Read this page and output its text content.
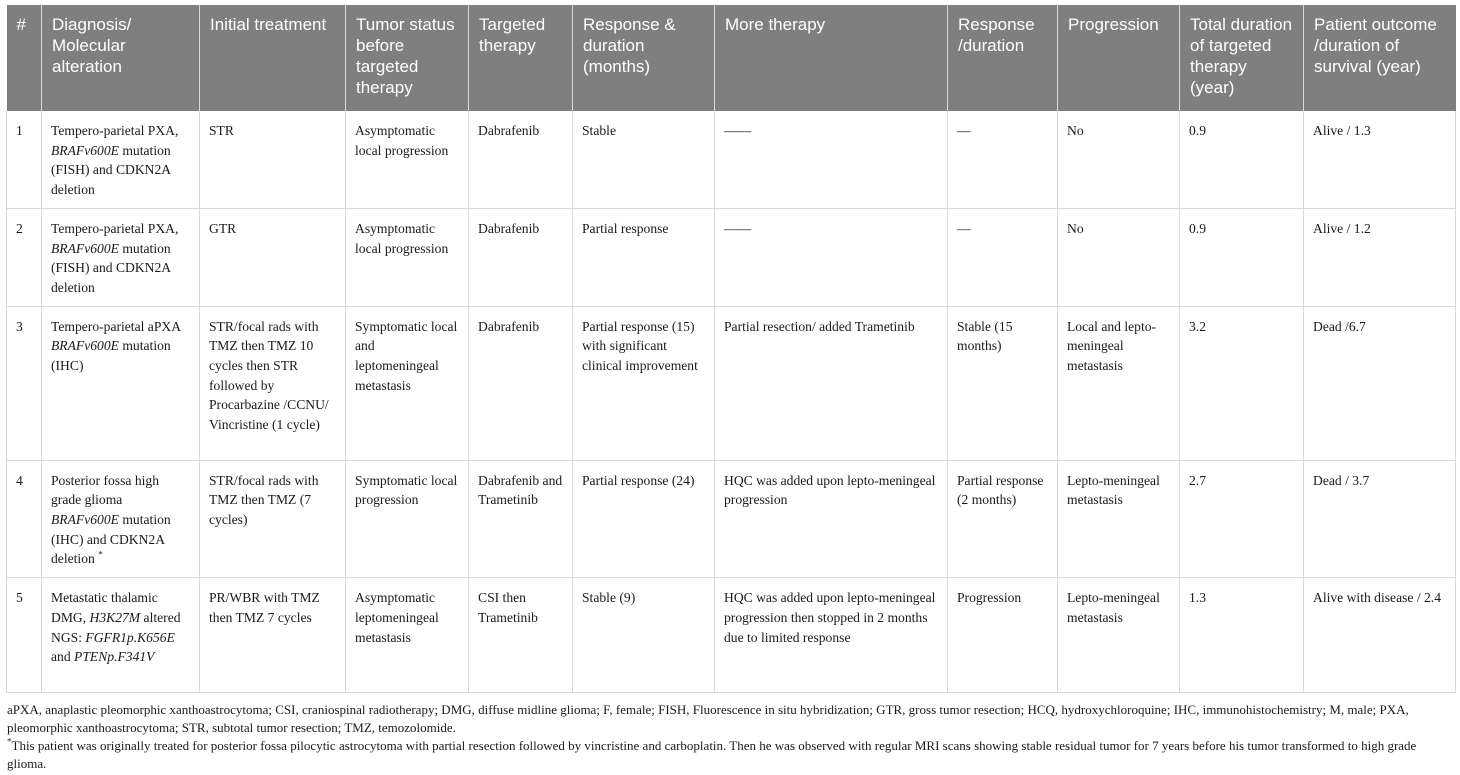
#	Diagnosis/ Molecular alteration	Initial treatment	Tumor status before targeted therapy	Targeted therapy	Response & duration (months)	More therapy	Response /duration	Progression	Total duration of targeted therapy (year)	Patient outcome /duration of survival (year)
1	Tempero-parietal PXA, BRAFv600E mutation (FISH) and CDKN2A deletion	STR	Asymptomatic local progression	Dabrafenib	Stable	——	—	No	0.9	Alive / 1.3
2	Tempero-parietal PXA, BRAFv600E mutation (FISH) and CDKN2A deletion	GTR	Asymptomatic local progression	Dabrafenib	Partial response	——	—	No	0.9	Alive / 1.2
3	Tempero-parietal aPXA BRAFv600E mutation (IHC)	STR/focal rads with TMZ then TMZ 10 cycles then STR followed by Procarbazine /CCNU/ Vincristine (1 cycle)	Symptomatic local and leptomeningeal metastasis	Dabrafenib	Partial response (15) with significant clinical improvement	Partial resection/ added Trametinib	Stable (15 months)	Local and lepto-meningeal metastasis	3.2	Dead /6.7
4	Posterior fossa high grade glioma BRAFv600E mutation (IHC) and CDKN2A deletion *	STR/focal rads with TMZ then TMZ (7 cycles)	Symptomatic local progression	Dabrafenib and Trametinib	Partial response (24)	HQC was added upon lepto-meningeal progression	Partial response (2 months)	Lepto-meningeal metastasis	2.7	Dead / 3.7
5	Metastatic thalamic DMG, H3K27M altered NGS: FGFR1p.K656E and PTENp.F341V	PR/WBR with TMZ then TMZ 7 cycles	Asymptomatic leptomeningeal metastasis	CSI then Trametinib	Stable (9)	HQC was added upon lepto-meningeal progression then stopped in 2 months due to limited response	Progression	Lepto-meningeal metastasis	1.3	Alive with disease / 2.4

aPXA, anaplastic pleomorphic xanthoastrocytoma; CSI, craniospinal radiotherapy; DMG, diffuse midline glioma; F, female; FISH, Fluorescence in situ hybridization; GTR, gross tumor resection; HCQ, hydroxychloroquine; IHC, immunohistochemistry; M, male; PXA, pleomorphic xanthoastrocytoma; STR, subtotal tumor resection; TMZ, temozolomide.

*This patient was originally treated for posterior fossa pilocytic astrocytoma with partial resection followed by vincristine and carboplatin. Then he was observed with regular MRI scans showing stable residual tumor for 7 years before his tumor transformed to high grade glioma.
